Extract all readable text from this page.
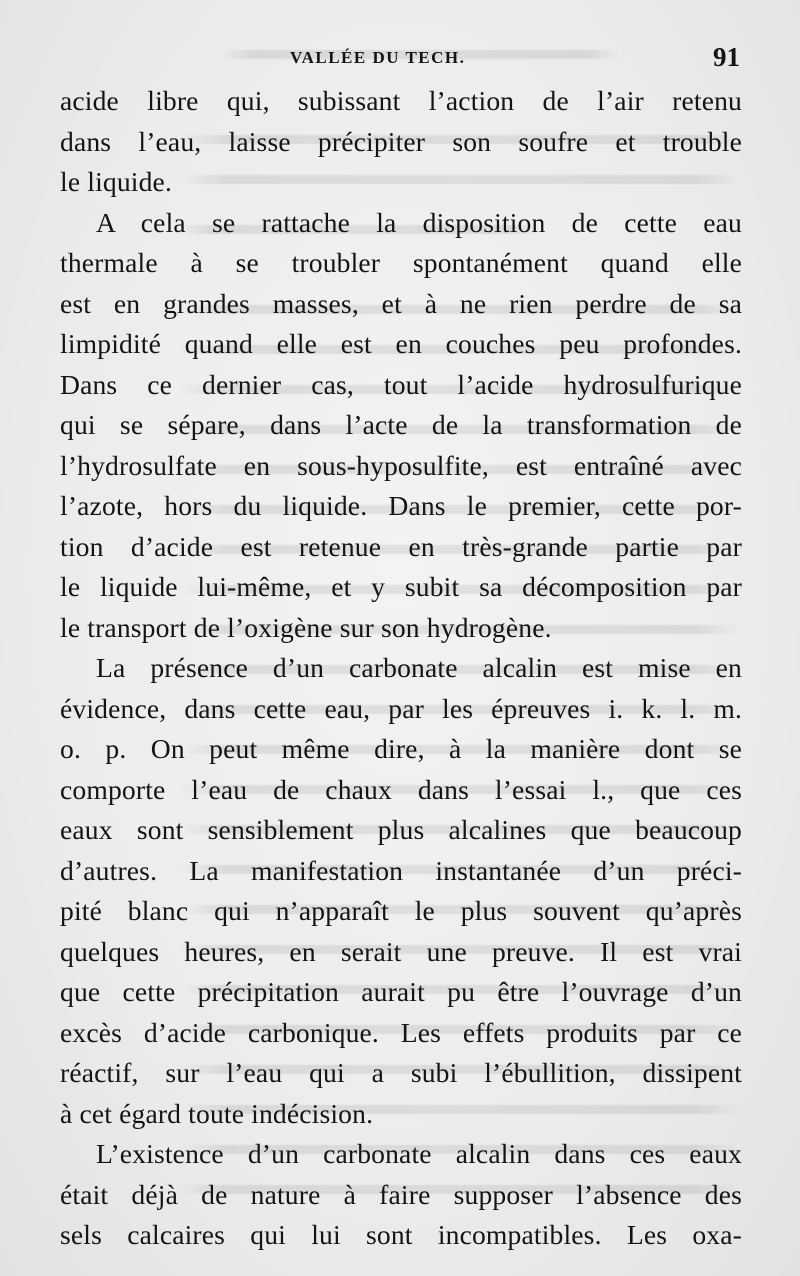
VALLÉE DU TECH.	91
acide libre qui, subissant l’action de l’air retenu
dans l’eau, laisse précipiter son soufre et trouble
le liquide.
A cela se rattache la disposition de cette eau
thermale à se troubler spontanément quand elle
est en grandes masses, et à ne rien perdre de sa
limpidité quand elle est en couches peu profondes.
Dans ce dernier cas, tout l’acide hydrosulfurique
qui se sépare, dans l’acte de la transformation de
l’hydrosulfate en sous-hyposulfite, est entraîné avec
l’azote, hors du liquide. Dans le premier, cette por-
tion d’acide est retenue en très-grande partie par
le liquide lui-même, et y subit sa décomposition par
le transport de l’oxigène sur son hydrogène.
La présence d’un carbonate alcalin est mise en
évidence, dans cette eau, par les épreuves i. k. l. m.
o. p. On peut même dire, à la manière dont se
comporte l’eau de chaux dans l’essai l., que ces
eaux sont sensiblement plus alcalines que beaucoup
d’autres. La manifestation instantanée d’un préci-
pité blanc qui n’apparaît le plus souvent qu’après
quelques heures, en serait une preuve. Il est vrai
que cette précipitation aurait pu être l’ouvrage d’un
excès d’acide carbonique. Les effets produits par ce
réactif, sur l’eau qui a subi l’ébullition, dissipent
à cet égard toute indécision.
L’existence d’un carbonate alcalin dans ces eaux
était déjà de nature à faire supposer l’absence des
sels calcaires qui lui sont incompatibles. Les oxa-
